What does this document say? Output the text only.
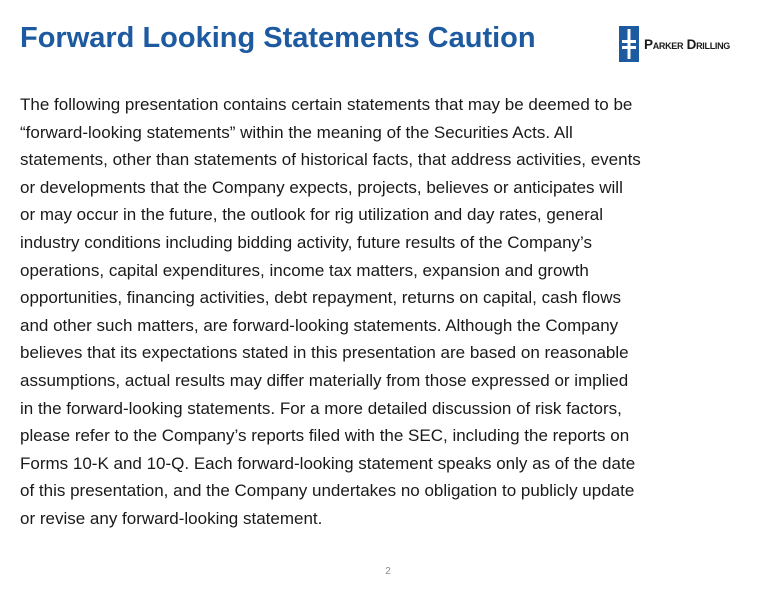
Forward Looking Statements Caution	Parker Drilling
The following presentation contains certain statements that may be deemed to be
“forward-looking statements” within the meaning of the Securities Acts. All
statements, other than statements of historical facts, that address activities, events
or developments that the Company expects, projects, believes or anticipates will
or may occur in the future, the outlook for rig utilization and day rates, general
industry conditions including bidding activity, future results of the Company’s
operations, capital expenditures, income tax matters, expansion and growth
opportunities, financing activities, debt repayment, returns on capital, cash flows
and other such matters, are forward-looking statements. Although the Company
believes that its expectations stated in this presentation are based on reasonable
assumptions, actual results may differ materially from those expressed or implied
in the forward-looking statements. For a more detailed discussion of risk factors,
please refer to the Company’s reports filed with the SEC, including the reports on
Forms 10-K and 10-Q. Each forward-looking statement speaks only as of the date
of this presentation, and the Company undertakes no obligation to publicly update
or revise any forward-looking statement.
2
